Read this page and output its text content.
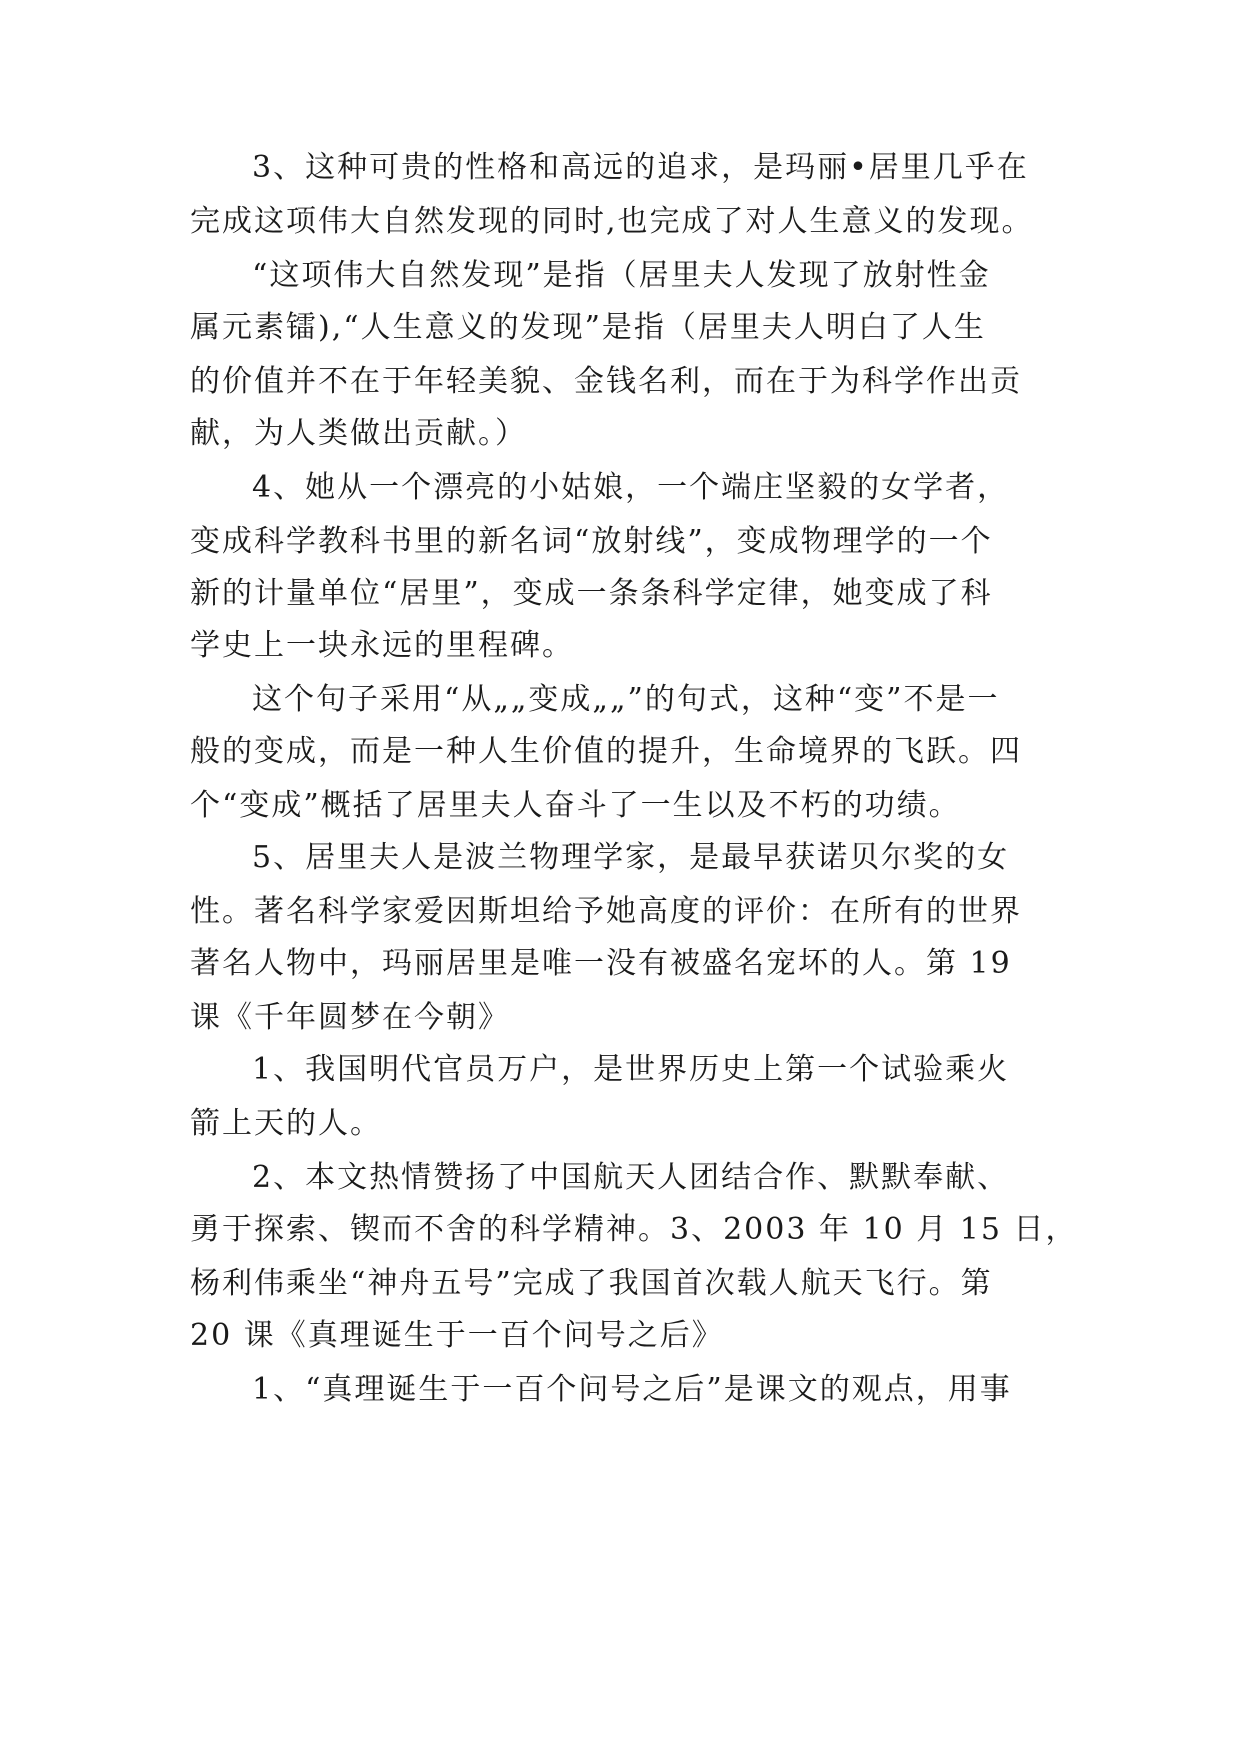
3、这种可贵的性格和高远的追求，是玛丽•居里几乎在
完成这项伟大自然发现的同时,也完成了对人生意义的发现。
“这项伟大自然发现”是指（居里夫人发现了放射性金
属元素镭),“人生意义的发现”是指（居里夫人明白了人生
的价值并不在于年轻美貌、金钱名利，而在于为科学作出贡
献，为人类做出贡献。）
4、她从一个漂亮的小姑娘，一个端庄坚毅的女学者，
变成科学教科书里的新名词“放射线”，变成物理学的一个
新的计量单位“居里”，变成一条条科学定律，她变成了科
学史上一块永远的里程碑。
这个句子采用“从„„变成„„”的句式，这种“变”不是一
般的变成，而是一种人生价值的提升，生命境界的飞跃。四
个“变成”概括了居里夫人奋斗了一生以及不朽的功绩。
5、居里夫人是波兰物理学家，是最早获诺贝尔奖的女
性。著名科学家爱因斯坦给予她高度的评价：在所有的世界
著名人物中，玛丽居里是唯一没有被盛名宠坏的人。第 19
课《千年圆梦在今朝》
1、我国明代官员万户，是世界历史上第一个试验乘火
箭上天的人。
2、本文热情赞扬了中国航天人团结合作、默默奉献、
勇于探索、锲而不舍的科学精神。3、2003 年 10 月 15 日，
杨利伟乘坐“神舟五号”完成了我国首次载人航天飞行。第
20 课《真理诞生于一百个问号之后》
1、“真理诞生于一百个问号之后”是课文的观点，用事
